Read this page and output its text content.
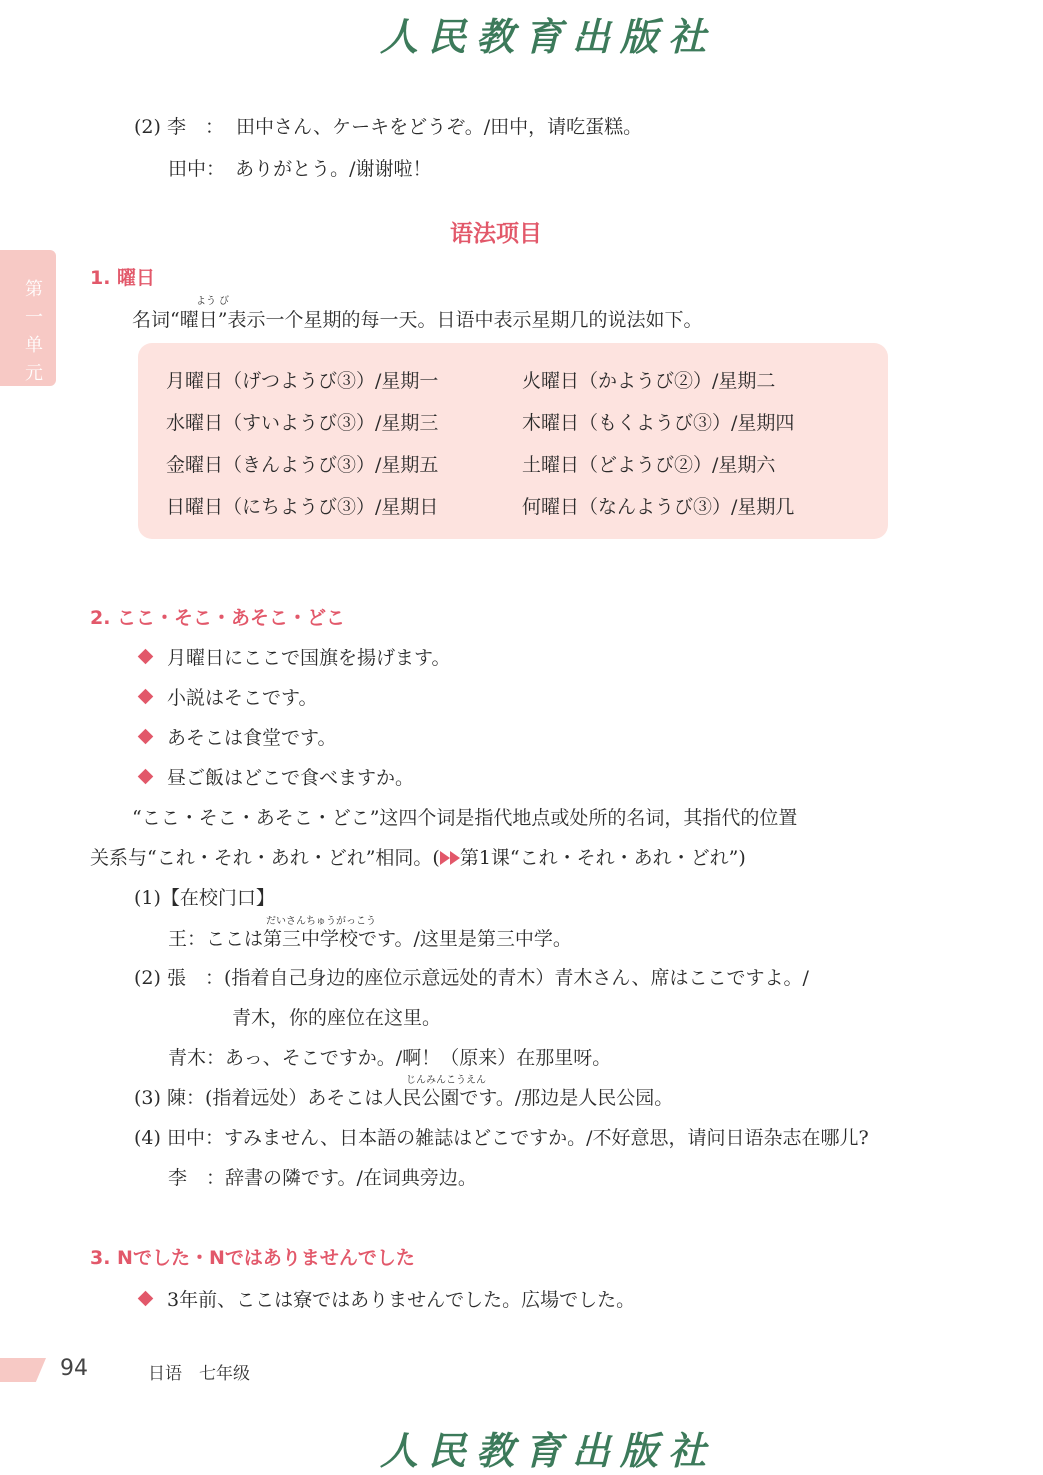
人民教育出版社
第一单元
(2) 李　： 田中さん、ケーキをどうぞ。/田中，请吃蛋糕。
田中： ありがとう。/谢谢啦！
语法项目
1. 曜日
よう び
名词“曜日”表示一个星期的每一天。日语中表示星期几的说法如下。
月曜日（げつようび③）/星期一	火曜日（かようび②）/星期二
水曜日（すいようび③）/星期三	木曜日（もくようび③）/星期四
金曜日（きんようび③）/星期五	土曜日（どようび②）/星期六
日曜日（にちようび③）/星期日	何曜日（なんようび③）/星期几
2. ここ・そこ・あそこ・どこ
月曜日にここで国旗を揚げます。
小説はそこです。
あそこは食堂です。
昼ご飯はどこで食べますか。
“ここ・そこ・あそこ・どこ”这四个词是指代地点或处所的名词，其指代的位置
关系与“これ・それ・あれ・どれ”相同。( 第1课“これ・それ・あれ・どれ”)
(1)【在校门口】
だいさんちゅうがっこう
王：ここは第三中学校です。/这里是第三中学。
(2) 張　：(指着自己身边的座位示意远处的青木）青木さん、席はここですよ。/
青木，你的座位在这里。
青木：あっ、そこですか。/啊！（原来）在那里呀。
じんみんこうえん
(3) 陳：(指着远处）あそこは人民公園です。/那边是人民公园。
(4) 田中：すみません、日本語の雑誌はどこですか。/不好意思，请问日语杂志在哪儿?
李　：辞書の隣です。/在词典旁边。
3. Nでした・Nではありませんでした
3年前、ここは寮ではありませんでした。広場でした。
94	日语　七年级
人民教育出版社
